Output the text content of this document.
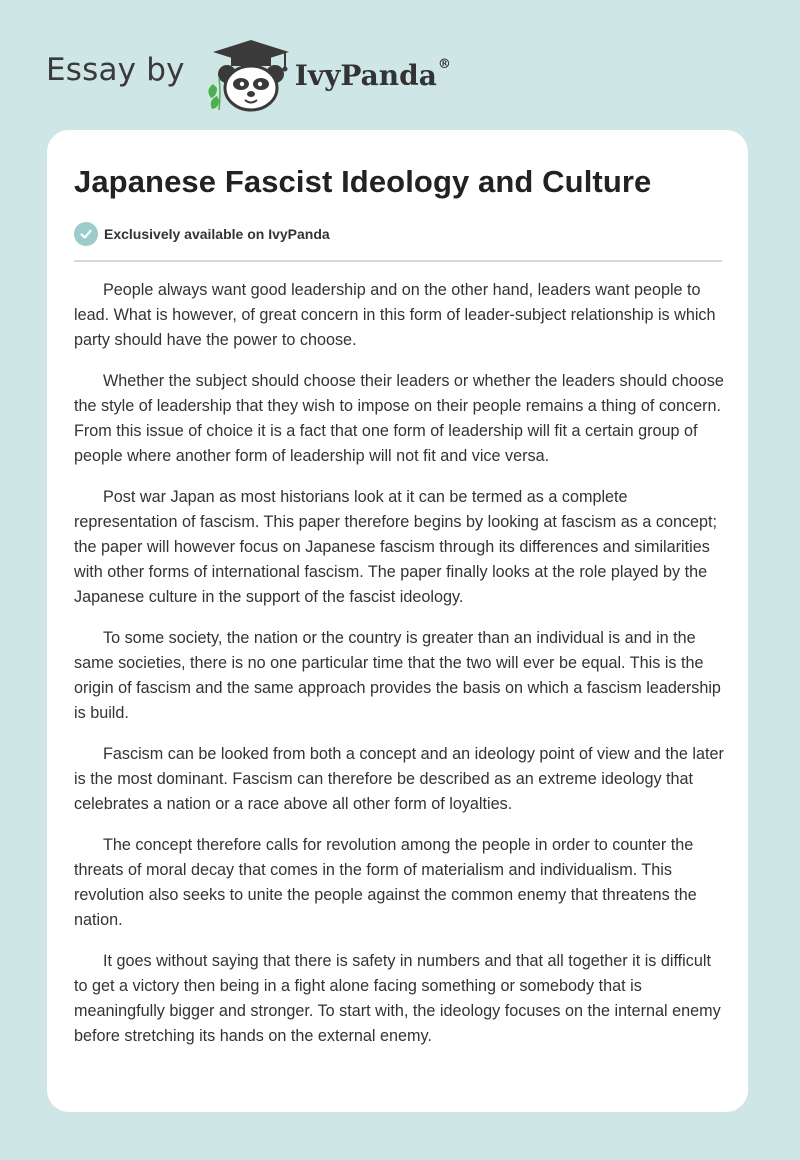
Essay by	IvyPanda®
Japanese Fascist Ideology and Culture
Exclusively available on IvyPanda

People always want good leadership and on the other hand, leaders want people to lead. What is however, of great concern in this form of leader-subject relationship is which party should have the power to choose.

Whether the subject should choose their leaders or whether the leaders should choose the style of leadership that they wish to impose on their people remains a thing of concern. From this issue of choice it is a fact that one form of leadership will fit a certain group of people where another form of leadership will not fit and vice versa.

Post war Japan as most historians look at it can be termed as a complete representation of fascism. This paper therefore begins by looking at fascism as a concept; the paper will however focus on Japanese fascism through its differences and similarities with other forms of international fascism. The paper finally looks at the role played by the Japanese culture in the support of the fascist ideology.

To some society, the nation or the country is greater than an individual is and in the same societies, there is no one particular time that the two will ever be equal. This is the origin of fascism and the same approach provides the basis on which a fascism leadership is build.

Fascism can be looked from both a concept and an ideology point of view and the later is the most dominant. Fascism can therefore be described as an extreme ideology that celebrates a nation or a race above all other form of loyalties.

The concept therefore calls for revolution among the people in order to counter the threats of moral decay that comes in the form of materialism and individualism. This revolution also seeks to unite the people against the common enemy that threatens the nation.

It goes without saying that there is safety in numbers and that all together it is difficult to get a victory then being in a fight alone facing something or somebody that is meaningfully bigger and stronger. To start with, the ideology focuses on the internal enemy before stretching its hands on the external enemy.
